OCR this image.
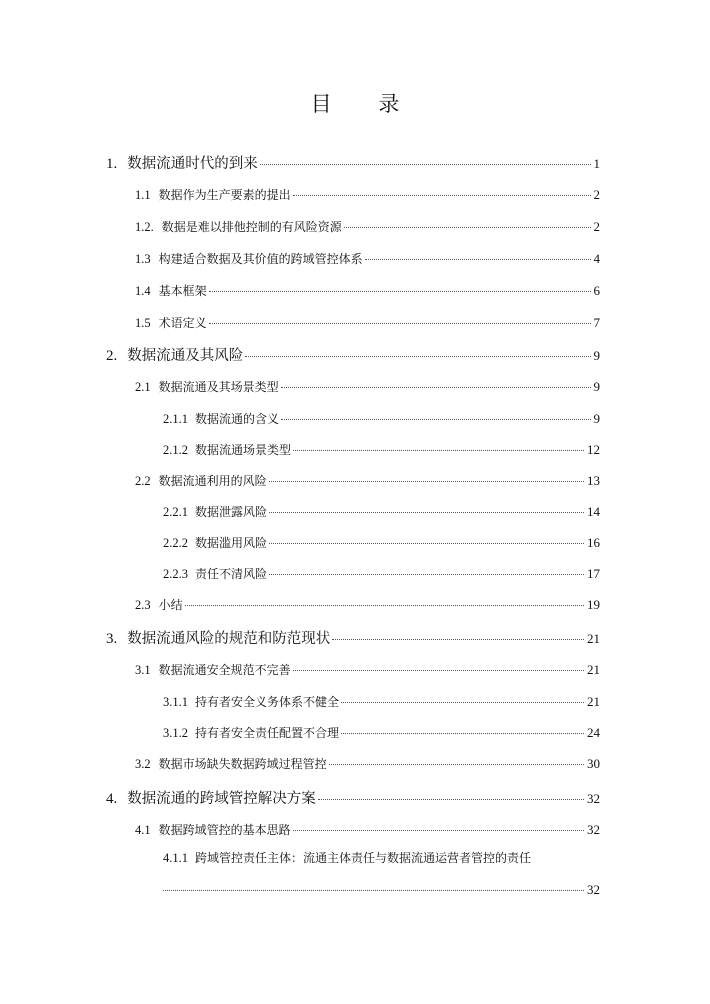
目 录
1. 数据流通时代的到来	1
1.1 数据作为生产要素的提出	2
1.2. 数据是难以排他控制的有风险资源	2
1.3 构建适合数据及其价值的跨域管控体系	4
1.4 基本框架	6
1.5 术语定义	7
2. 数据流通及其风险	9
2.1 数据流通及其场景类型	9
2.1.1 数据流通的含义	9
2.1.2 数据流通场景类型	12
2.2 数据流通利用的风险	13
2.2.1 数据泄露风险	14
2.2.2 数据滥用风险	16
2.2.3 责任不清风险	17
2.3 小结	19
3. 数据流通风险的规范和防范现状	21
3.1 数据流通安全规范不完善	21
3.1.1 持有者安全义务体系不健全	21
3.1.2 持有者安全责任配置不合理	24
3.2 数据市场缺失数据跨域过程管控	30
4. 数据流通的跨域管控解决方案	32
4.1 数据跨域管控的基本思路	32
4.1.1 跨域管控责任主体：流通主体责任与数据流通运营者管控的责任
32
